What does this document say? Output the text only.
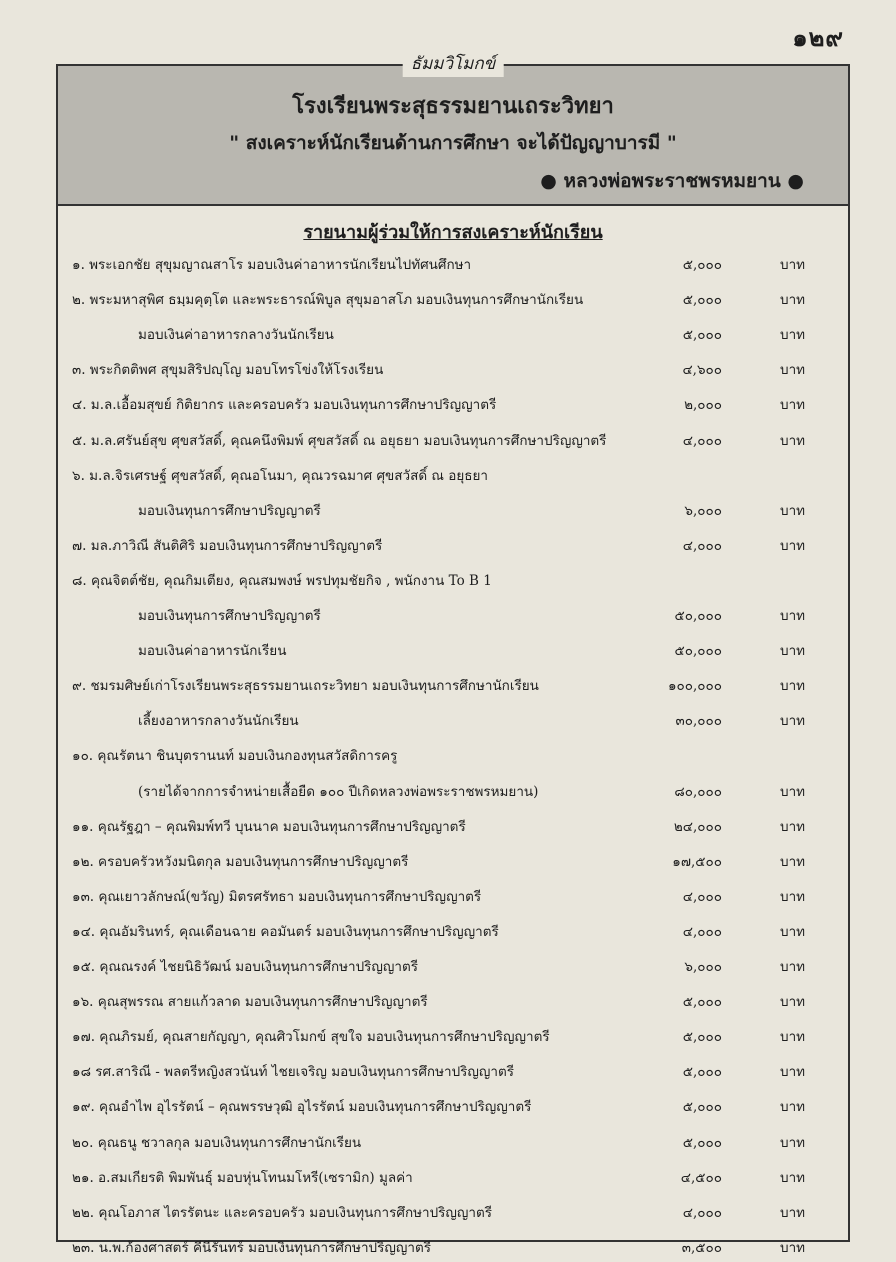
๑๒๙
ธัมมวิโมกข์
โรงเรียนพระสุธรรมยานเถระวิทยา
" สงเคราะห์นักเรียนด้านการศึกษา จะได้ปัญญาบารมี "
● หลวงพ่อพระราชพรหมยาน ●
รายนามผู้ร่วมให้การสงเคราะห์นักเรียน
๑. พระเอกชัย สุขุมญาณสาโร มอบเงินค่าอาหารนักเรียนไปทัศนศึกษา	๕,๐๐๐	บาท
๒. พระมหาสุพิศ ธมฺมคุตฺโต และพระธารณ์พิบูล สุขุมอาสโภ มอบเงินทุนการศึกษานักเรียน	๕,๐๐๐	บาท
มอบเงินค่าอาหารกลางวันนักเรียน	๕,๐๐๐	บาท
๓. พระกิตติพศ สุขุมสิริปญฺโญ มอบโทรโข่งให้โรงเรียน	๔,๖๐๐	บาท
๔. ม.ล.เอื้อมสุขย์ กิติยากร และครอบครัว มอบเงินทุนการศึกษาปริญญาตรี	๒,๐๐๐	บาท
๕. ม.ล.ศรันย์สุข ศุขสวัสดิ์, คุณคนึงพิมพ์ ศุขสวัสดิ์ ณ อยุธยา มอบเงินทุนการศึกษาปริญญาตรี	๔,๐๐๐	บาท
๖. ม.ล.จิรเศรษฐ์ ศุขสวัสดิ์, คุณอโนมา, คุณวรฉมาศ ศุขสวัสดิ์ ณ อยุธยา
มอบเงินทุนการศึกษาปริญญาตรี	๖,๐๐๐	บาท
๗. มล.ภาวิณี สันติศิริ มอบเงินทุนการศึกษาปริญญาตรี	๔,๐๐๐	บาท
๘. คุณจิตต์ชัย, คุณกิมเตียง, คุณสมพงษ์ พรปทุมชัยกิจ , พนักงาน To B 1
มอบเงินทุนการศึกษาปริญญาตรี	๕๐,๐๐๐	บาท
มอบเงินค่าอาหารนักเรียน	๕๐,๐๐๐	บาท
๙. ชมรมศิษย์เก่าโรงเรียนพระสุธรรมยานเถระวิทยา มอบเงินทุนการศึกษานักเรียน	๑๐๐,๐๐๐	บาท
เลี้ยงอาหารกลางวันนักเรียน	๓๐,๐๐๐	บาท
๑๐. คุณรัตนา ชินบุตรานนท์ มอบเงินกองทุนสวัสดิการครู
(รายได้จากการจำหน่ายเสื้อยืด ๑๐๐ ปีเกิดหลวงพ่อพระราชพรหมยาน)	๘๐,๐๐๐	บาท
๑๑. คุณรัฐฎา – คุณพิมพ์ทวี บุนนาค มอบเงินทุนการศึกษาปริญญาตรี	๒๔,๐๐๐	บาท
๑๒. ครอบครัวหวังมนิตกุล มอบเงินทุนการศึกษาปริญญาตรี	๑๗,๕๐๐	บาท
๑๓. คุณเยาวลักษณ์(ขวัญ) มิตรศรัทธา มอบเงินทุนการศึกษาปริญญาตรี	๔,๐๐๐	บาท
๑๔. คุณอัมรินทร์, คุณเดือนฉาย คอมันตร์ มอบเงินทุนการศึกษาปริญญาตรี	๔,๐๐๐	บาท
๑๕. คุณณรงค์ ไชยนิธิวัฒน์ มอบเงินทุนการศึกษาปริญญาตรี	๖,๐๐๐	บาท
๑๖. คุณสุพรรณ สายแก้วลาด มอบเงินทุนการศึกษาปริญญาตรี	๕,๐๐๐	บาท
๑๗. คุณภิรมย์, คุณสายกัญญา, คุณศิวโมกข์ สุขใจ มอบเงินทุนการศึกษาปริญญาตรี	๕,๐๐๐	บาท
๑๘ รศ.สาริณี - พลตรีหญิงสวนันท์ ไชยเจริญ มอบเงินทุนการศึกษาปริญญาตรี	๕,๐๐๐	บาท
๑๙. คุณอำไพ อุไรรัตน์ – คุณพรรษวุฒิ อุไรรัตน์ มอบเงินทุนการศึกษาปริญญาตรี	๕,๐๐๐	บาท
๒๐. คุณธนู ชวาลกุล มอบเงินทุนการศึกษานักเรียน	๕,๐๐๐	บาท
๒๑. อ.สมเกียรติ พิมพันธุ์ มอบหุ่นโทนมโหรี(เซรามิก) มูลค่า	๔,๕๐๐	บาท
๒๒. คุณโอภาส ไตรรัตนะ และครอบครัว มอบเงินทุนการศึกษาปริญญาตรี	๔,๐๐๐	บาท
๒๓. น.พ.ก้องศาสตร์ คีนีรันทร์ มอบเงินทุนการศึกษาปริญญาตรี	๓,๕๐๐	บาท
